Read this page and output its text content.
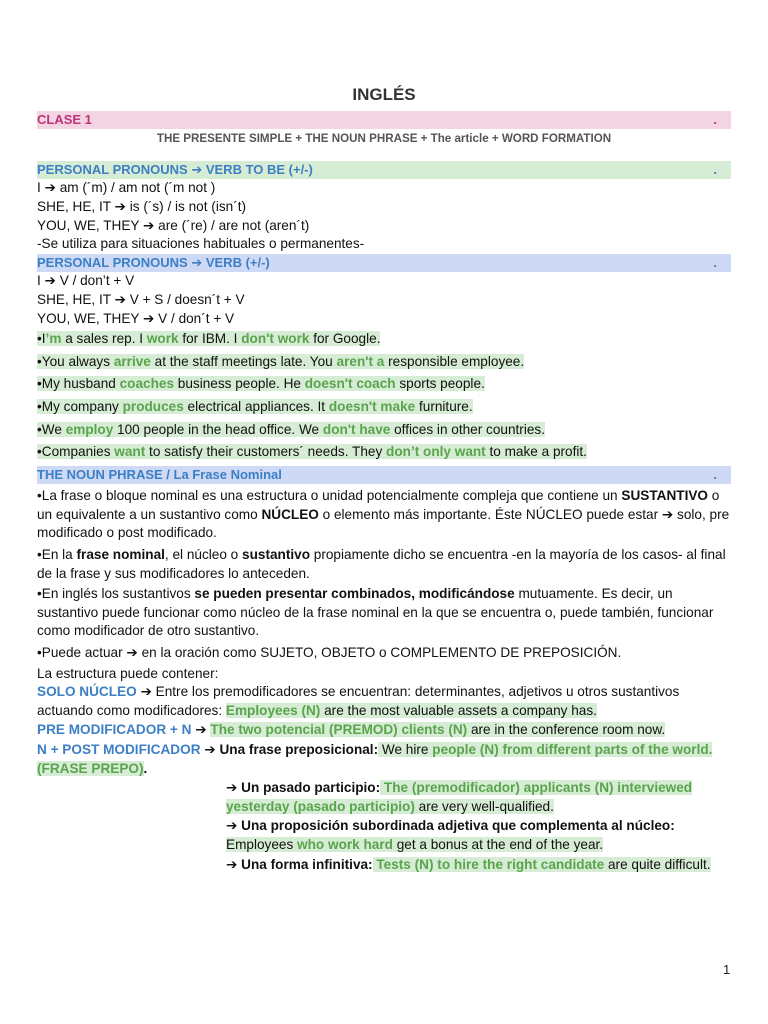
INGLÉS
CLASE 1	.
THE PRESENTE SIMPLE + THE NOUN PHRASE + The article + WORD FORMATION
PERSONAL PRONOUNS ➔ VERB TO BE (+/-)	.
I ➔ am (´m) / am not (´m not )
SHE, HE, IT ➔ is (´s) / is not (isn´t)
YOU, WE, THEY ➔ are (´re) / are not (aren´t)
-Se utiliza para situaciones habituales o permanentes-
PERSONAL PRONOUNS ➔ VERB (+/-)	.
I ➔ V / don’t + V
SHE, HE, IT ➔ V + S / doesn´t + V
YOU, WE, THEY ➔ V / don´t + V
•I’m a sales rep. I work for IBM. I don't work for Google.
•You always arrive at the staff meetings late. You aren't a responsible employee.
•My husband coaches business people. He doesn't coach sports people.
•My company produces electrical appliances. It doesn't make furniture.
•We employ 100 people in the head office. We don't have offices in other countries.
•Companies want to satisfy their customers´ needs. They don’t only want to make a profit.
THE NOUN PHRASE / La Frase Nominal	.
•La frase o bloque nominal es una estructura o unidad potencialmente compleja que contiene un SUSTANTIVO o un equivalente a un sustantivo como NÚCLEO o elemento más importante. Éste NÚCLEO puede estar ➔ solo, pre modificado o post modificado.
•En la frase nominal, el núcleo o sustantivo propiamente dicho se encuentra -en la mayoría de los casos- al final de la frase y sus modificadores lo anteceden.
•En inglés los sustantivos se pueden presentar combinados, modificándose mutuamente. Es decir, un sustantivo puede funcionar como núcleo de la frase nominal en la que se encuentra o, puede también, funcionar como modificador de otro sustantivo.
•Puede actuar ➔ en la oración como SUJETO, OBJETO o COMPLEMENTO DE PREPOSICIÓN.
La estructura puede contener:
SOLO NÚCLEO ➔ Entre los premodificadores se encuentran: determinantes, adjetivos u otros sustantivos actuando como modificadores: Employees (N) are the most valuable assets a company has.
PRE MODIFICADOR + N ➔ The two potencial (PREMOD) clients (N) are in the conference room now.
N + POST MODIFICADOR ➔ Una frase preposicional: We hire people (N) from different parts of the world. (FRASE PREPO).
➔ Un pasado participio: The (premodificador) applicants (N) interviewed yesterday (pasado participio) are very well-qualified.
➔ Una proposición subordinada adjetiva que complementa al núcleo: Employees who work hard get a bonus at the end of the year.
➔ Una forma infinitiva: Tests (N) to hire the right candidate are quite difficult.
1
